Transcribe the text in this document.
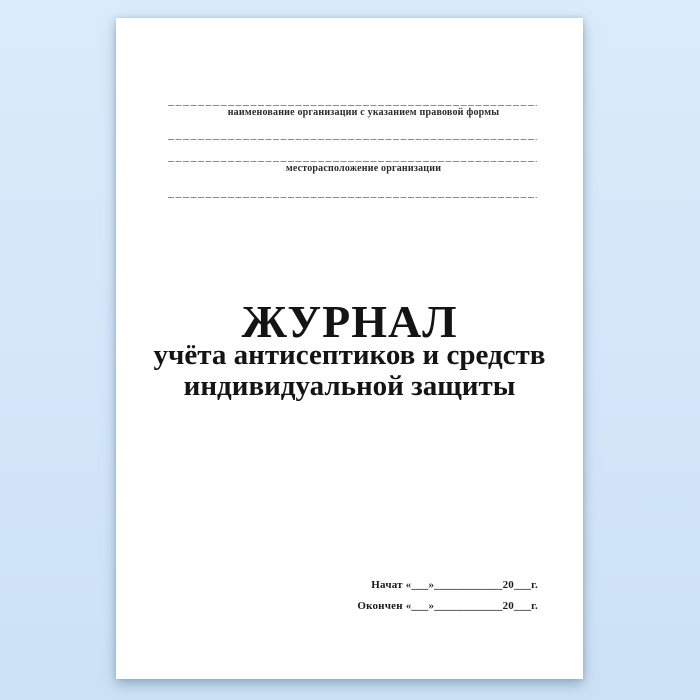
наименование организации с указанием правовой формы
месторасположение организации
ЖУРНАЛ
учёта антисептиков и средств
индивидуальной защиты
Начат «___»____________20___г.
Окончен «___»____________20___г.
